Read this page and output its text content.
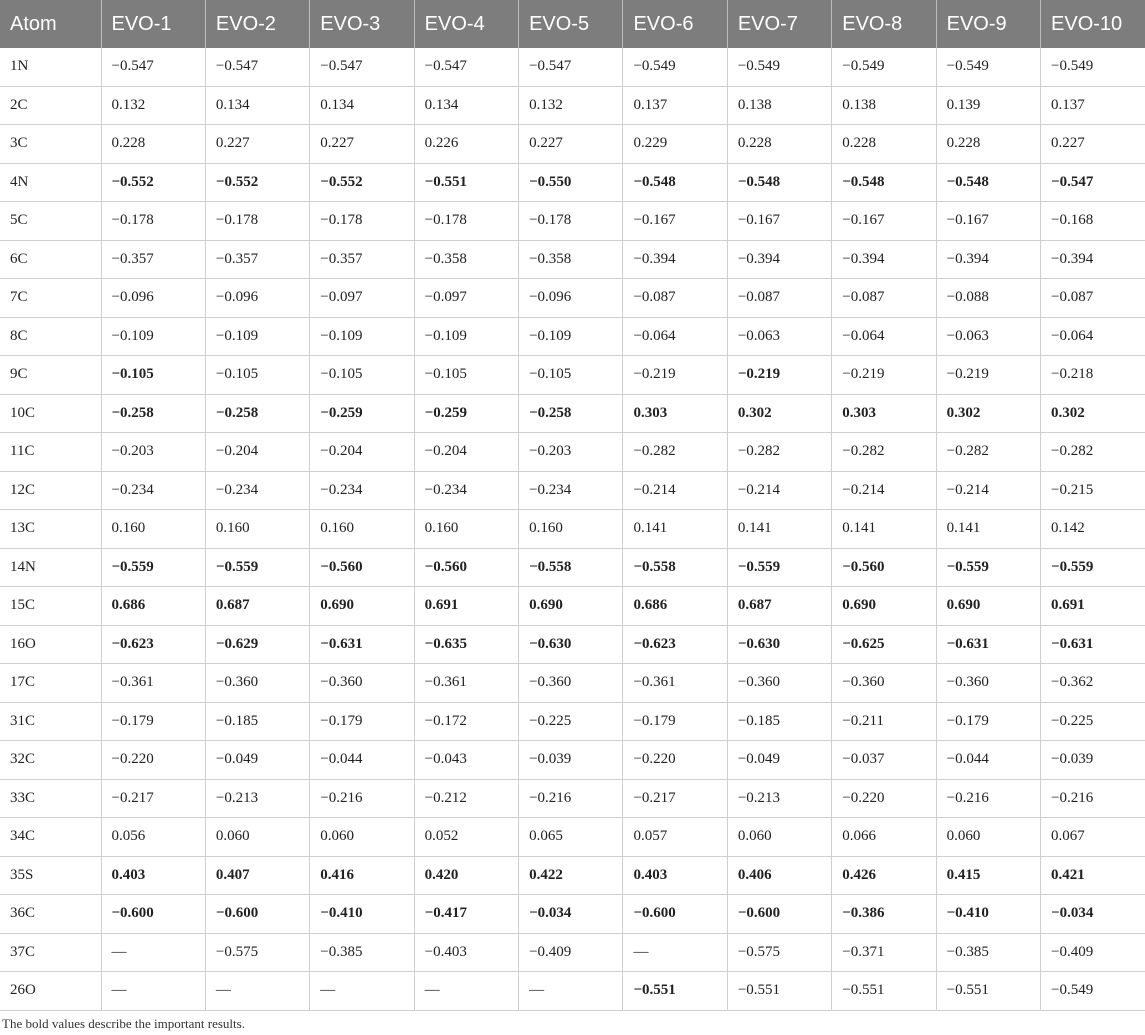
Atom	EVO-1	EVO-2	EVO-3	EVO-4	EVO-5	EVO-6	EVO-7	EVO-8	EVO-9	EVO-10
1N	−0.547	−0.547	−0.547	−0.547	−0.547	−0.549	−0.549	−0.549	−0.549	−0.549
2C	0.132	0.134	0.134	0.134	0.132	0.137	0.138	0.138	0.139	0.137
3C	0.228	0.227	0.227	0.226	0.227	0.229	0.228	0.228	0.228	0.227
4N	−0.552	−0.552	−0.552	−0.551	−0.550	−0.548	−0.548	−0.548	−0.548	−0.547
5C	−0.178	−0.178	−0.178	−0.178	−0.178	−0.167	−0.167	−0.167	−0.167	−0.168
6C	−0.357	−0.357	−0.357	−0.358	−0.358	−0.394	−0.394	−0.394	−0.394	−0.394
7C	−0.096	−0.096	−0.097	−0.097	−0.096	−0.087	−0.087	−0.087	−0.088	−0.087
8C	−0.109	−0.109	−0.109	−0.109	−0.109	−0.064	−0.063	−0.064	−0.063	−0.064
9C	−0.105	−0.105	−0.105	−0.105	−0.105	−0.219	−0.219	−0.219	−0.219	−0.218
10C	−0.258	−0.258	−0.259	−0.259	−0.258	0.303	0.302	0.303	0.302	0.302
11C	−0.203	−0.204	−0.204	−0.204	−0.203	−0.282	−0.282	−0.282	−0.282	−0.282
12C	−0.234	−0.234	−0.234	−0.234	−0.234	−0.214	−0.214	−0.214	−0.214	−0.215
13C	0.160	0.160	0.160	0.160	0.160	0.141	0.141	0.141	0.141	0.142
14N	−0.559	−0.559	−0.560	−0.560	−0.558	−0.558	−0.559	−0.560	−0.559	−0.559
15C	0.686	0.687	0.690	0.691	0.690	0.686	0.687	0.690	0.690	0.691
16O	−0.623	−0.629	−0.631	−0.635	−0.630	−0.623	−0.630	−0.625	−0.631	−0.631
17C	−0.361	−0.360	−0.360	−0.361	−0.360	−0.361	−0.360	−0.360	−0.360	−0.362
31C	−0.179	−0.185	−0.179	−0.172	−0.225	−0.179	−0.185	−0.211	−0.179	−0.225
32C	−0.220	−0.049	−0.044	−0.043	−0.039	−0.220	−0.049	−0.037	−0.044	−0.039
33C	−0.217	−0.213	−0.216	−0.212	−0.216	−0.217	−0.213	−0.220	−0.216	−0.216
34C	0.056	0.060	0.060	0.052	0.065	0.057	0.060	0.066	0.060	0.067
35S	0.403	0.407	0.416	0.420	0.422	0.403	0.406	0.426	0.415	0.421
36C	−0.600	−0.600	−0.410	−0.417	−0.034	−0.600	−0.600	−0.386	−0.410	−0.034
37C	—	−0.575	−0.385	−0.403	−0.409	—	−0.575	−0.371	−0.385	−0.409
26O	—	—	—	—	—	−0.551	−0.551	−0.551	−0.551	−0.549

The bold values describe the important results.
